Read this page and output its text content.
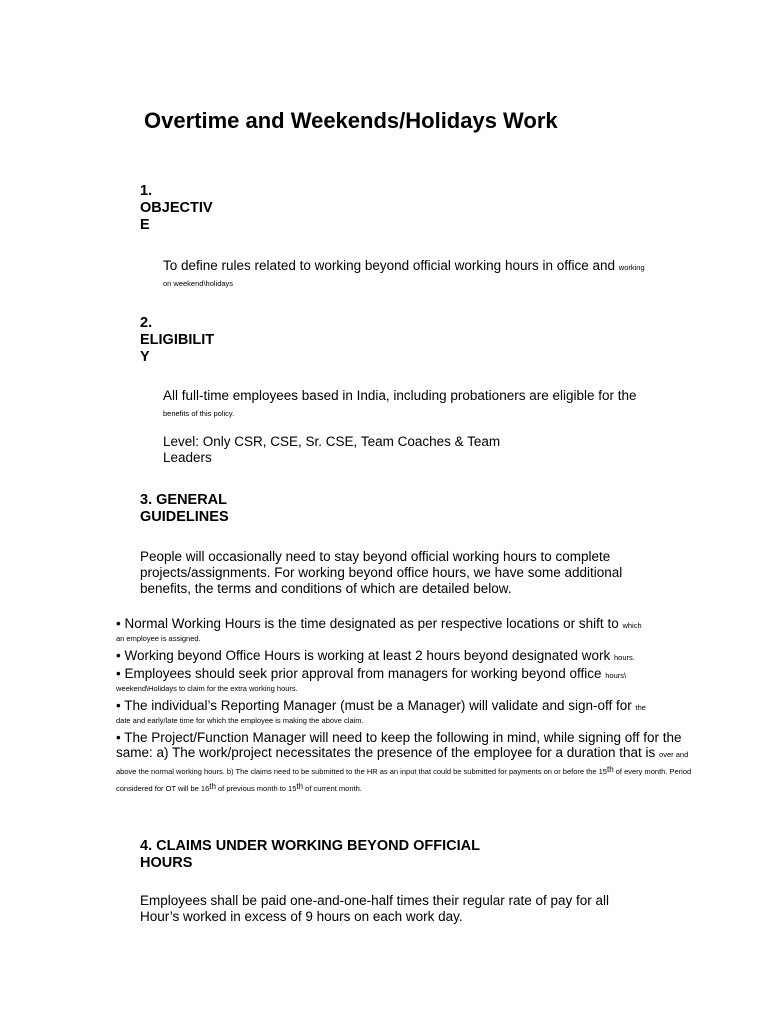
Overtime and Weekends/Holidays Work
1.
OBJECTIV
E
To define rules related to working beyond official working hours in office and working on weekend\holidays
2.
ELIGIBILIT
Y
All full-time employees based in India, including probationers are eligible for the benefits of this policy.
Level: Only CSR, CSE, Sr. CSE, Team Coaches & Team Leaders
3. GENERAL
GUIDELINES
People will occasionally need to stay beyond official working hours to complete projects/assignments. For working beyond office hours, we have some additional benefits, the terms and conditions of which are detailed below.
• Normal Working Hours is the time designated as per respective locations or shift to which
an employee is assigned.
• Working beyond Office Hours is working at least 2 hours beyond designated work hours.
• Employees should seek prior approval from managers for working beyond office hours\
weekend\Holidays to claim for the extra working hours.
• The individual’s Reporting Manager (must be a Manager) will validate and sign-off for the
date and early/late time for which the employee is making the above claim.
• The Project/Function Manager will need to keep the following in mind, while signing off for the same: a) The work/project necessitates the presence of the employee for a duration that is over and above the normal working hours. b) The claims need to be submitted to the HR as an input that could be submitted for payments on or before the 15th of every month. Period considered for OT will be 16th of previous month to 15th of current month.
4. CLAIMS UNDER WORKING BEYOND OFFICIAL
HOURS
Employees shall be paid one-and-one-half times their regular rate of pay for all Hour’s worked in excess of 9 hours on each work day.
